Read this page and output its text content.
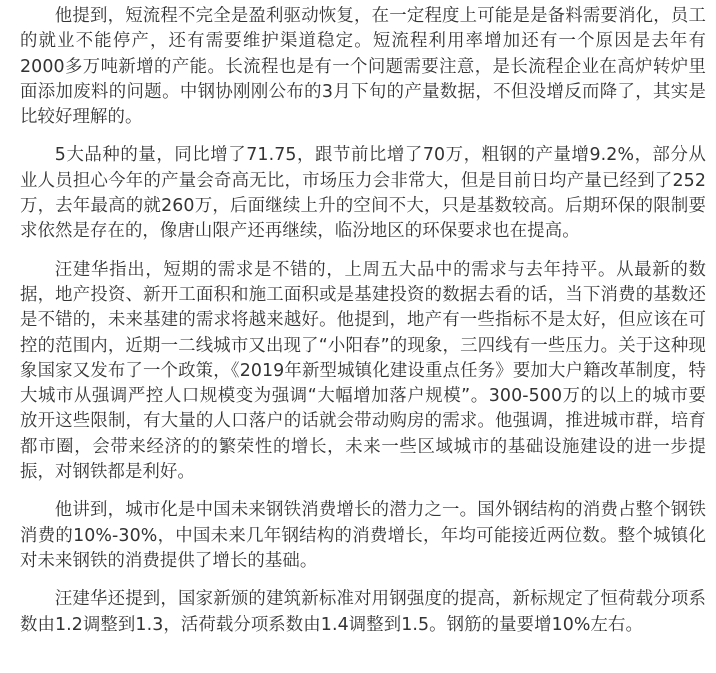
他提到，短流程不完全是盈利驱动恢复，在一定程度上可能是是备料需要消化，员工的就业不能停产，还有需要维护渠道稳定。短流程利用率增加还有一个原因是去年有2000多万吨新增的产能。长流程也是有一个问题需要注意，是长流程企业在高炉转炉里面添加废料的问题。中钢协刚刚公布的3月下旬的产量数据，不但没增反而降了，其实是比较好理解的。

5大品种的量，同比增了71.75，跟节前比增了70万，粗钢的产量增9.2%，部分从业人员担心今年的产量会奇高无比，市场压力会非常大，但是目前日均产量已经到了252万，去年最高的就260万，后面继续上升的空间不大，只是基数较高。后期环保的限制要求依然是存在的，像唐山限产还再继续，临汾地区的环保要求也在提高。

汪建华指出，短期的需求是不错的，上周五大品中的需求与去年持平。从最新的数据，地产投资、新开工面积和施工面积或是基建投资的数据去看的话，当下消费的基数还是不错的，未来基建的需求将越来越好。他提到，地产有一些指标不是太好，但应该在可控的范围内，近期一二线城市又出现了“小阳春”的现象，三四线有一些压力。关于这种现象国家又发布了一个政策，《2019年新型城镇化建设重点任务》要加大户籍改革制度，特大城市从强调严控人口规模变为强调“大幅增加落户规模”。300-500万的以上的城市要放开这些限制，有大量的人口落户的话就会带动购房的需求。他强调，推进城市群，培育都市圈，会带来经济的的繁荣性的增长，未来一些区域城市的基础设施建设的进一步提振，对钢铁都是利好。

他讲到，城市化是中国未来钢铁消费增长的潜力之一。国外钢结构的消费占整个钢铁消费的10%-30%，中国未来几年钢结构的消费增长，年均可能接近两位数。整个城镇化对未来钢铁的消费提供了增长的基础。

汪建华还提到，国家新颁的建筑新标准对用钢强度的提高，新标规定了恒荷载分项系数由1.2调整到1.3，活荷载分项系数由1.4调整到1.5。钢筋的量要增10%左右。
